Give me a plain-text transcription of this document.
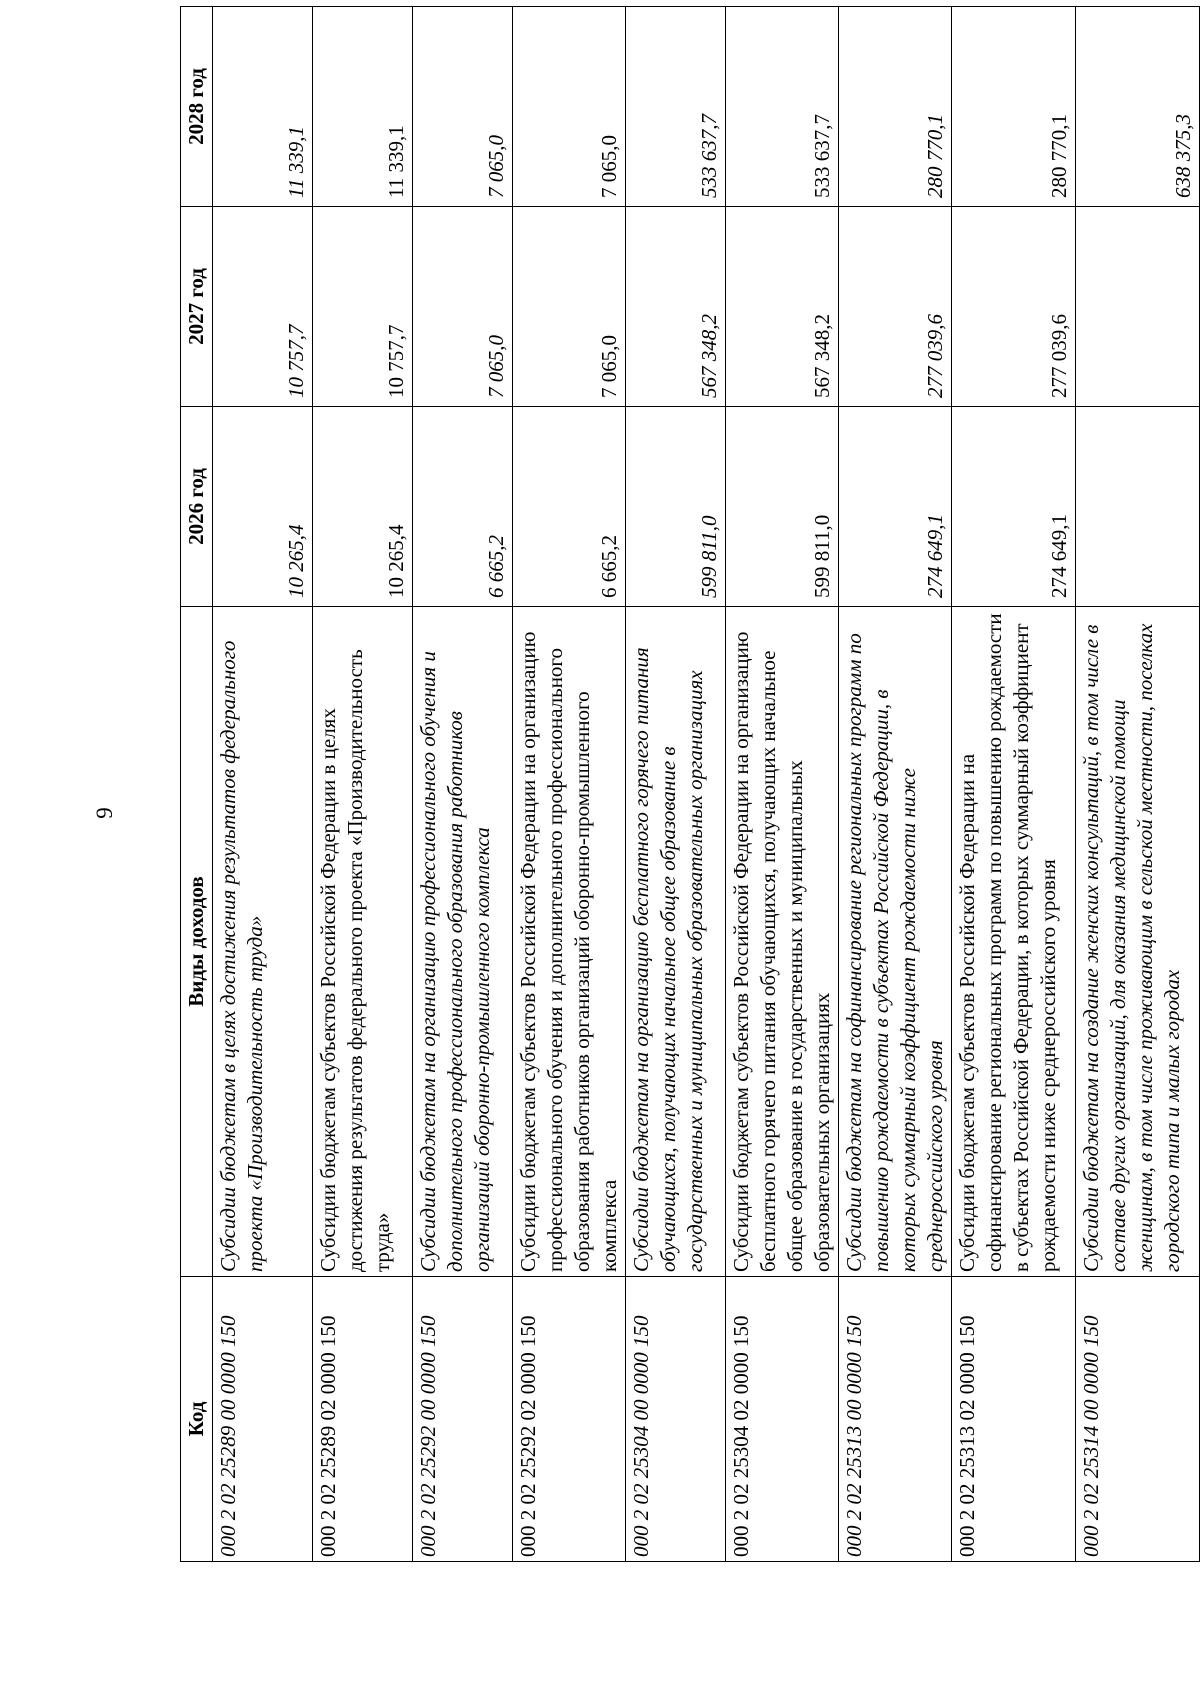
9
Код	Виды доходов	2026 год	2027 год	2028 год
000 2 02 25289 00 0000 150	Субсидии бюджетам в целях достижения результатов федерального проекта «Производительность труда»	10 265,4	10 757,7	11 339,1
000 2 02 25289 02 0000 150	Субсидии бюджетам субъектов Российской Федерации в целях достижения результатов федерального проекта «Производительность труда»	10 265,4	10 757,7	11 339,1
000 2 02 25292 00 0000 150	Субсидии бюджетам на организацию профессионального обучения и дополнительного профессионального образования работников организаций оборонно-промышленного комплекса	6 665,2	7 065,0	7 065,0
000 2 02 25292 02 0000 150	Субсидии бюджетам субъектов Российской Федерации на организацию профессионального обучения и дополнительного профессионального образования работников организаций оборонно-промышленного комплекса	6 665,2	7 065,0	7 065,0
000 2 02 25304 00 0000 150	Субсидии бюджетам на организацию бесплатного горячего питания обучающихся, получающих начальное общее образование в государственных и муниципальных образовательных организациях	599 811,0	567 348,2	533 637,7
000 2 02 25304 02 0000 150	Субсидии бюджетам субъектов Российской Федерации на организацию бесплатного горячего питания обучающихся, получающих начальное общее образование в государственных и муниципальных образовательных организациях	599 811,0	567 348,2	533 637,7
000 2 02 25313 00 0000 150	Субсидии бюджетам на софинансирование региональных программ по повышению рождаемости в субъектах Российской Федерации, в которых суммарный коэффициент рождаемости ниже среднероссийского уровня	274 649,1	277 039,6	280 770,1
000 2 02 25313 02 0000 150	Субсидии бюджетам субъектов Российской Федерации на софинансирование региональных программ по повышению рождаемости в субъектах Российской Федерации, в которых суммарный коэффициент рождаемости ниже среднероссийского уровня	274 649,1	277 039,6	280 770,1
000 2 02 25314 00 0000 150	Субсидии бюджетам на создание женских консультаций, в том числе в составе других организаций, для оказания медицинской помощи женщинам, в том числе проживающим в сельской местности, поселках городского типа и малых городах			638 375,3
